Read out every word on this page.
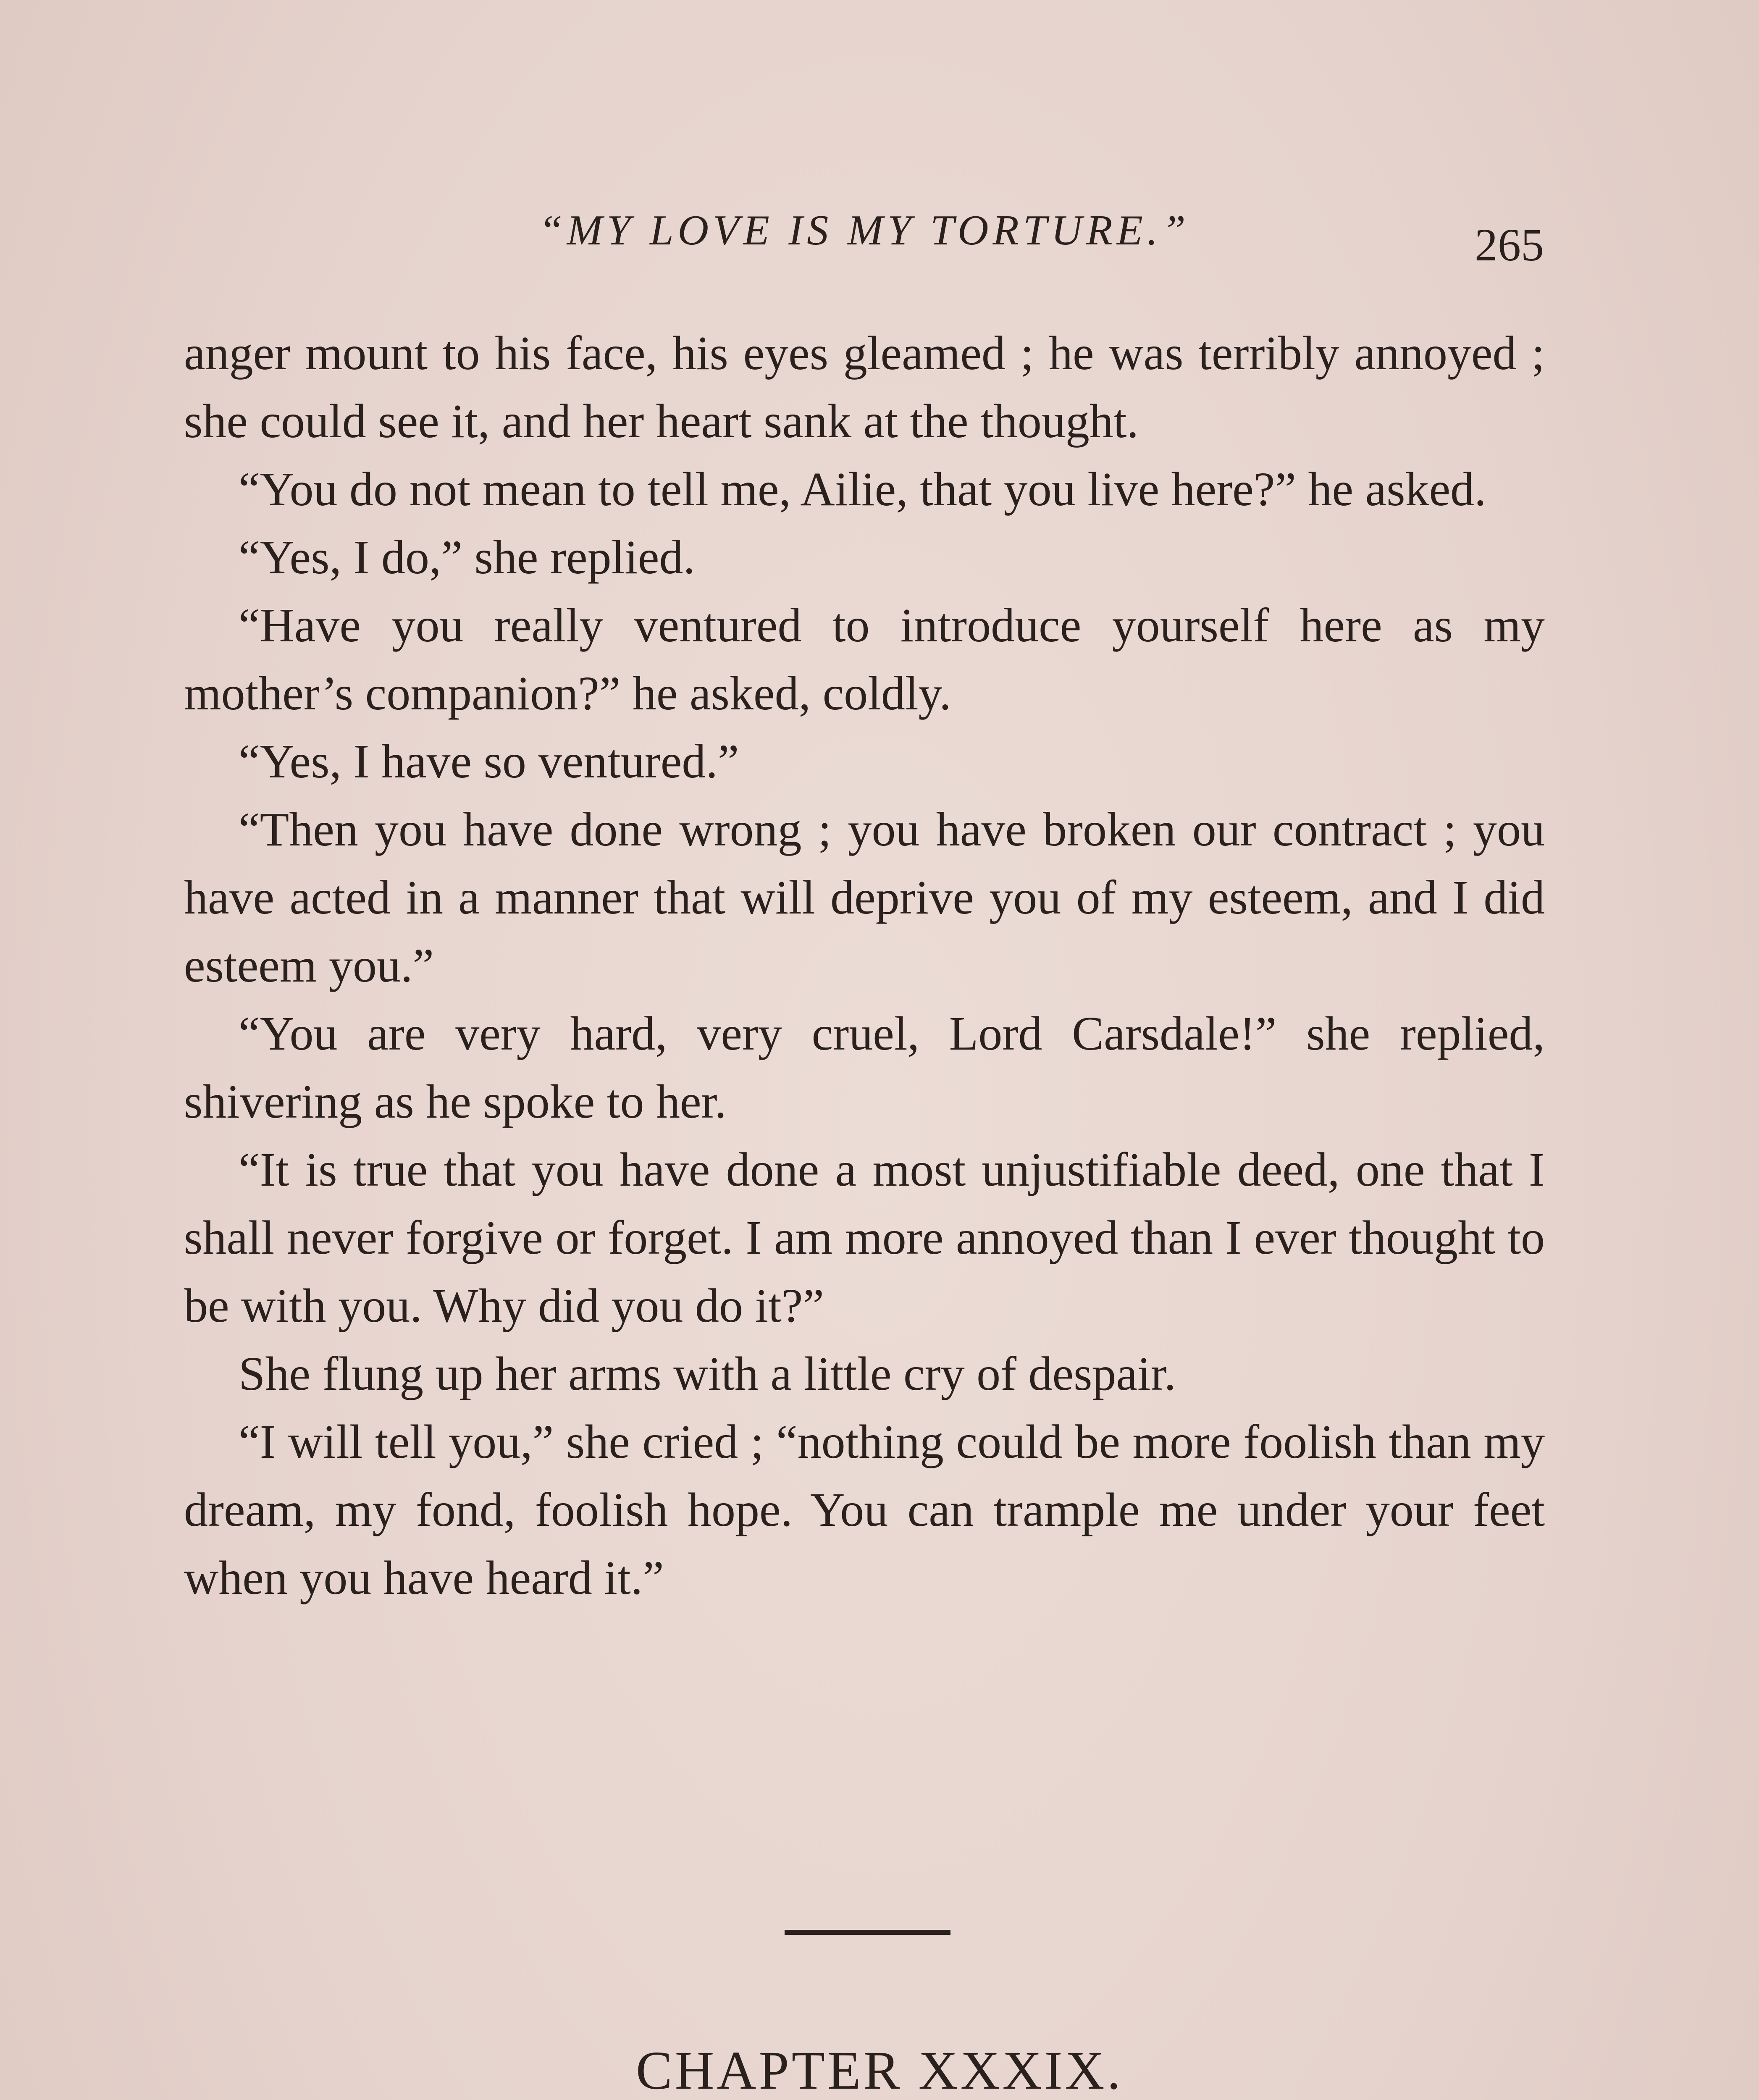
“MY LOVE IS MY TORTURE.”	265

anger mount to his face, his eyes gleamed ; he was terribly annoyed ; she could see it, and her heart sank at the thought.

“You do not mean to tell me, Ailie, that you live here?” he asked.

“Yes, I do,” she replied.

“Have you really ventured to introduce yourself here as my mother’s companion?” he asked, coldly.

“Yes, I have so ventured.”

“Then you have done wrong ; you have broken our contract ; you have acted in a manner that will deprive you of my esteem, and I did esteem you.”

“You are very hard, very cruel, Lord Carsdale!” she replied, shivering as he spoke to her.

“It is true that you have done a most unjustifiable deed, one that I shall never forgive or forget. I am more annoyed than I ever thought to be with you. Why did you do it?”

She flung up her arms with a little cry of despair.

“I will tell you,” she cried ; “nothing could be more foolish than my dream, my fond, foolish hope. You can trample me under your feet when you have heard it.”

CHAPTER XXXIX.
